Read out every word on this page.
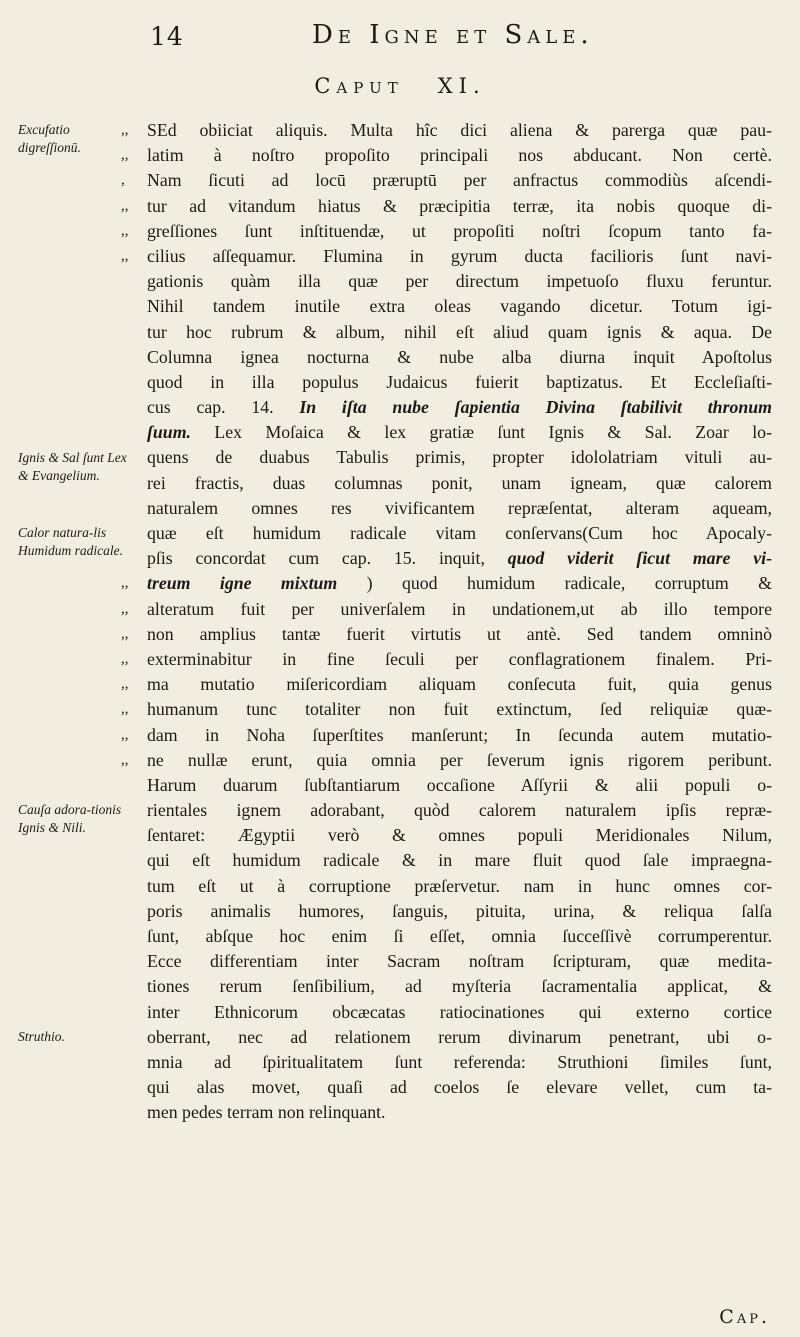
14	De Igne et Sale.
Caput XI.
Excufatio digreſſionū.
Ignis & Sal ſunt Lex & Evangelium.
Calor natura-lis Humidum radicale.
Cauſa adora-tionis Ignis & Nili.
Struthio.
,,	SEd obiiciat aliquis. Multa hîc dici aliena & parerga quæ pau-
,,	latim à noſtro propoſito principali nos abducant. Non certè.
,	Nam ſicuti ad locū præruptū per anfractus commodiùs aſcendi-
,,	tur ad vitandum hiatus & præcipitia terræ, ita nobis quoque di-
,,	greſſiones ſunt inſtituendæ, ut propoſiti noſtri ſcopum tanto fa-
,,	cilius aſſequamur. Flumina in gyrum ducta facilioris ſunt navi-
gationis quàm illa quæ per directum impetuoſo fluxu feruntur.
Nihil tandem inutile extra oleas vagando dicetur. Totum igi-
tur hoc rubrum & album, nihil eſt aliud quam ignis & aqua. De
Columna ignea nocturna & nube alba diurna inquit Apoſtolus
quod in illa populus Judaicus fuierit baptizatus. Et Eccleſiaſti-
cus cap. 14. In iſta nube ſapientia Divina ſtabilivit thronum
ſuum. Lex Moſaica & lex gratiæ ſunt Ignis & Sal. Zoar lo-
quens de duabus Tabulis primis, propter idololatriam vituli au-
rei fractis, duas columnas ponit, unam igneam, quæ calorem
naturalem omnes res vivificantem repræſentat, alteram aqueam,
quæ eſt humidum radicale vitam conſervans(Cum hoc Apocaly-
pſis concordat cum cap. 15. inquit, quod viderit ſicut mare vi-
,,	treum igne mixtum ) quod humidum radicale, corruptum &
,,	alteratum fuit per univerſalem in undationem,ut ab illo tempore
,,	non amplius tantæ fuerit virtutis ut antè. Sed tandem omninò
,,	exterminabitur in fine ſeculi per conflagrationem finalem. Pri-
,,	ma mutatio miſericordiam aliquam conſecuta fuit, quia genus
,,	humanum tunc totaliter non fuit extinctum, ſed reliquiæ quæ-
,,	dam in Noha ſuperſtites manſerunt; In ſecunda autem mutatio-
,,	ne nullæ erunt, quia omnia per ſeverum ignis rigorem peribunt.
Harum duarum ſubſtantiarum occaſione Aſſyrii & alii populi o-
rientales ignem adorabant, quòd calorem naturalem ipſis repræ-
ſentaret: Ægyptii verò & omnes populi Meridionales Nilum,
qui eſt humidum radicale & in mare fluit quod ſale impraegna-
tum eſt ut à corruptione præſervetur. nam in hunc omnes cor-
poris animalis humores, ſanguis, pituita, urina, & reliqua ſalſa
ſunt, abſque hoc enim ſi eſſet, omnia ſucceſſivè corrumperentur.
Ecce differentiam inter Sacram noſtram ſcripturam, quæ medita-
tiones rerum ſenſibilium, ad myſteria ſacramentalia applicat, &
inter Ethnicorum obcæcatas ratiocinationes qui externo cortice
oberrant, nec ad relationem rerum divinarum penetrant, ubi o-
mnia ad ſpiritualitatem ſunt referenda: Struthioni ſimiles ſunt,
qui alas movet, quaſi ad coelos ſe elevare vellet, cum ta-
men pedes terram non relinquant.
Cap.
